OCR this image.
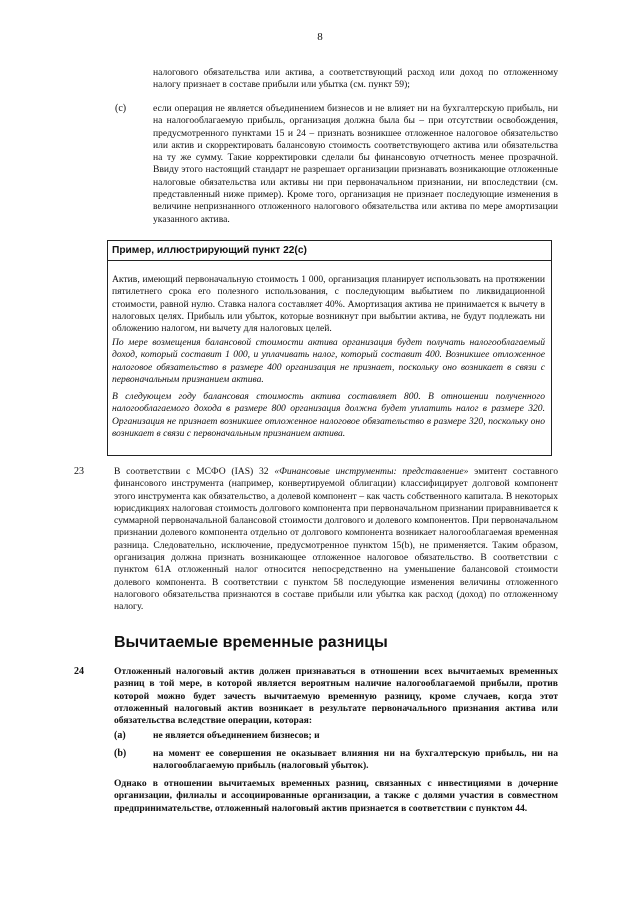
8

налогового обязательства или актива, а соответствующий расход или доход по отложенному налогу признает в составе прибыли или убытка (см. пункт 59);

(c)	если операция не является объединением бизнесов и не влияет ни на бухгалтерскую прибыль, ни на налогооблагаемую прибыль, организация должна была бы – при отсутствии освобождения, предусмотренного пунктами 15 и 24 – признать возникшее отложенное налоговое обязательство или актив и скорректировать балансовую стоимость соответствующего актива или обязательства на ту же сумму. Такие корректировки сделали бы финансовую отчетность менее прозрачной. Ввиду этого настоящий стандарт не разрешает организации признавать возникающие отложенные налоговые обязательства или активы ни при первоначальном признании, ни впоследствии (см. представленный ниже пример). Кроме того, организация не признает последующие изменения в величине непризнанного отложенного налогового обязательства или актива по мере амортизации указанного актива.

Пример, иллюстрирующий пункт 22(с)

Актив, имеющий первоначальную стоимость 1 000, организация планирует использовать на протяжении пятилетнего срока его полезного использования, с последующим выбытием по ликвидационной стоимости, равной нулю. Ставка налога составляет 40%. Амортизация актива не принимается к вычету в налоговых целях. Прибыль или убыток, которые возникнут при выбытии актива, не будут подлежать ни обложению налогом, ни вычету для налоговых целей.

По мере возмещения балансовой стоимости актива организация будет получать налогооблагаемый доход, который составит 1 000, и уплачивать налог, который составит 400. Возникшее отложенное налоговое обязательство в размере 400 организация не признает, поскольку оно возникает в связи с первоначальным признанием актива.

В следующем году балансовая стоимость актива составляет 800. В отношении полученного налогооблагаемого дохода в размере 800 организация должна будет уплатить налог в размере 320. Организация не признает возникшее отложенное налоговое обязательство в размере 320, поскольку оно возникает в связи с первоначальным признанием актива.

23	В соответствии с МСФО (IAS) 32 «Финансовые инструменты: представление» эмитент составного финансового инструмента (например, конвертируемой облигации) классифицирует долговой компонент этого инструмента как обязательство, а долевой компонент – как часть собственного капитала. В некоторых юрисдикциях налоговая стоимость долгового компонента при первоначальном признании приравнивается к суммарной первоначальной балансовой стоимости долгового и долевого компонентов. При первоначальном признании долевого компонента отдельно от долгового компонента возникает налогооблагаемая временная разница. Следовательно, исключение, предусмотренное пунктом 15(b), не применяется. Таким образом, организация должна признать возникающее отложенное налоговое обязательство. В соответствии с пунктом 61А отложенный налог относится непосредственно на уменьшение балансовой стоимости долевого компонента. В соответствии с пунктом 58 последующие изменения величины отложенного налогового обязательства признаются в составе прибыли или убытка как расход (доход) по отложенному налогу.

Вычитаемые временные разницы
24	Отложенный налоговый актив должен признаваться в отношении всех вычитаемых временных разниц в той мере, в которой является вероятным наличие налогооблагаемой прибыли, против которой можно будет зачесть вычитаемую временную разницу, кроме случаев, когда этот отложенный налоговый актив возникает в результате первоначального признания актива или обязательства вследствие операции, которая:

(a)	не является объединением бизнесов; и

(b)	на момент ее совершения не оказывает влияния ни на бухгалтерскую прибыль, ни на налогооблагаемую прибыль (налоговый убыток).

Однако в отношении вычитаемых временных разниц, связанных с инвестициями в дочерние организации, филиалы и ассоциированные организации, а также с долями участия в совместном предпринимательстве, отложенный налоговый актив признается в соответствии с пунктом 44.
